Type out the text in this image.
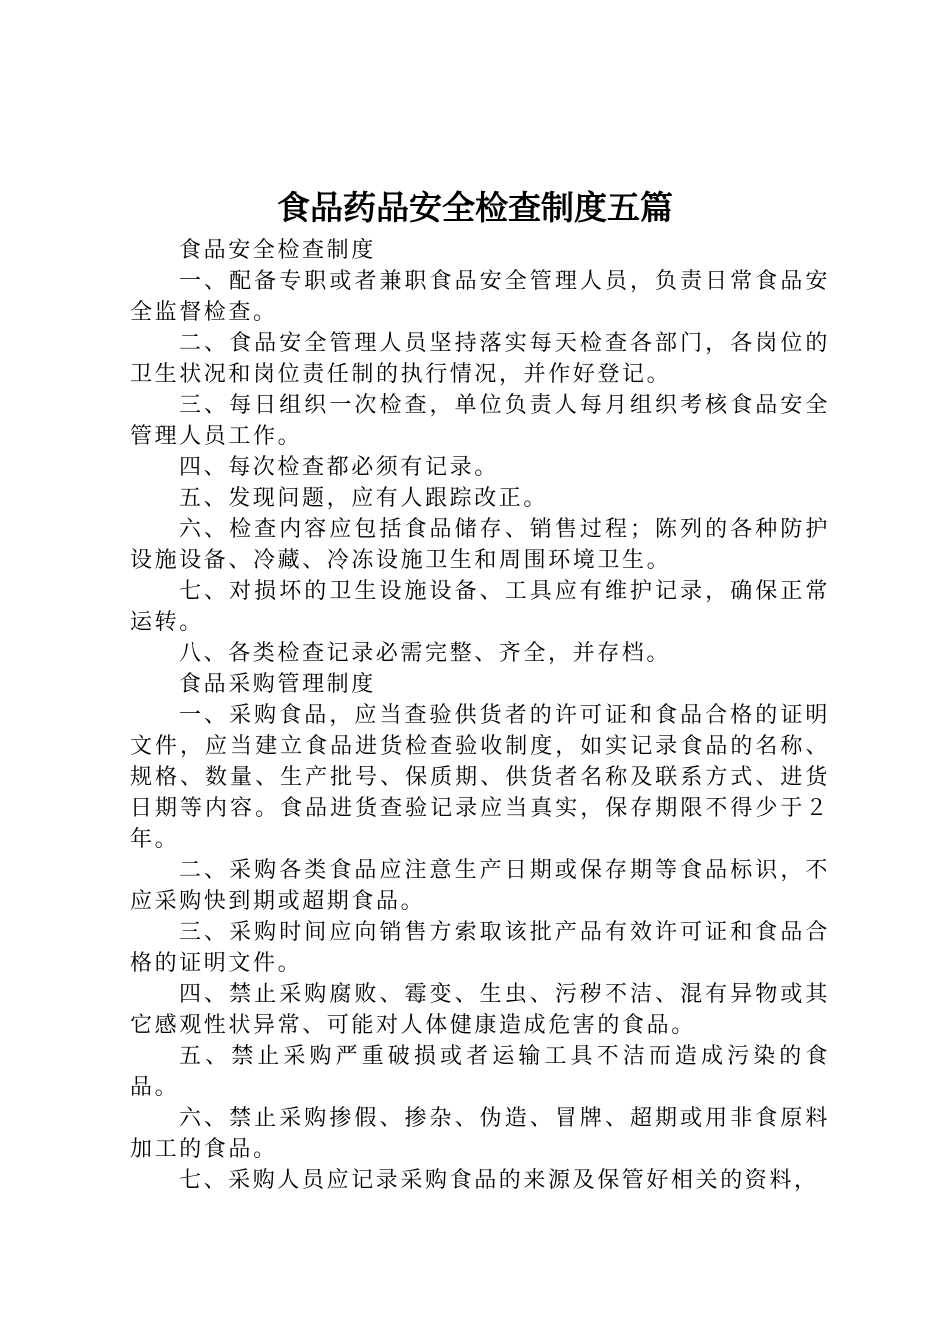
食品药品安全检查制度五篇

食品安全检查制度

一、配备专职或者兼职食品安全管理人员，负责日常食品安全监督检查。

二、食品安全管理人员坚持落实每天检查各部门，各岗位的卫生状况和岗位责任制的执行情况，并作好登记。

三、每日组织一次检查，单位负责人每月组织考核食品安全管理人员工作。

四、每次检查都必须有记录。

五、发现问题，应有人跟踪改正。

六、检查内容应包括食品储存、销售过程；陈列的各种防护设施设备、冷藏、冷冻设施卫生和周围环境卫生。

七、对损坏的卫生设施设备、工具应有维护记录，确保正常运转。

八、各类检查记录必需完整、齐全，并存档。

食品采购管理制度

一、采购食品，应当查验供货者的许可证和食品合格的证明文件，应当建立食品进货检查验收制度，如实记录食品的名称、规格、数量、生产批号、保质期、供货者名称及联系方式、进货日期等内容。食品进货查验记录应当真实，保存期限不得少于２年。

二、采购各类食品应注意生产日期或保存期等食品标识，不应采购快到期或超期食品。

三、采购时间应向销售方索取该批产品有效许可证和食品合格的证明文件。

四、禁止采购腐败、霉变、生虫、污秽不洁、混有异物或其它感观性状异常、可能对人体健康造成危害的食品。

五、禁止采购严重破损或者运输工具不洁而造成污染的食品。

六、禁止采购掺假、掺杂、伪造、冒牌、超期或用非食原料加工的食品。

七、采购人员应记录采购食品的来源及保管好相关的资料，
